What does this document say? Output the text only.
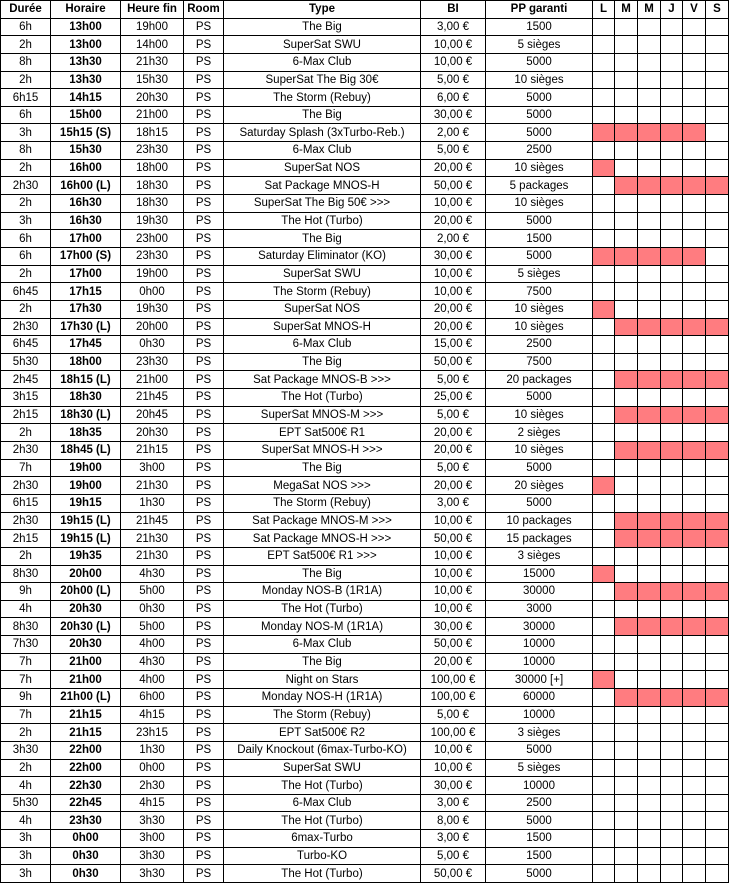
Durée	Horaire	Heure fin	Room	Type	BI	PP garanti	L	M	M	J	V	S
6h	13h00	19h00	PS	The Big	3,00 €	1500						
2h	13h00	14h00	PS	SuperSat SWU	10,00 €	5 sièges						
8h	13h30	21h30	PS	6-Max Club	10,00 €	5000						
2h	13h30	15h30	PS	SuperSat The Big 30€	5,00 €	10 sièges						
6h15	14h15	20h30	PS	The Storm (Rebuy)	6,00 €	5000						
6h	15h00	21h00	PS	The Big	30,00 €	5000						
3h	15h15 (S)	18h15	PS	Saturday Splash (3xTurbo-Reb.)	2,00 €	5000						
8h	15h30	23h30	PS	6-Max Club	5,00 €	2500						
2h	16h00	18h00	PS	SuperSat NOS	20,00 €	10 sièges						
2h30	16h00 (L)	18h30	PS	Sat Package MNOS-H	50,00 €	5 packages						
2h	16h30	18h30	PS	SuperSat The Big 50€ >>>	10,00 €	10 sièges						
3h	16h30	19h30	PS	The Hot (Turbo)	20,00 €	5000						
6h	17h00	23h00	PS	The Big	2,00 €	1500						
6h	17h00 (S)	23h30	PS	Saturday Eliminator (KO)	30,00 €	5000						
2h	17h00	19h00	PS	SuperSat SWU	10,00 €	5 sièges						
6h45	17h15	0h00	PS	The Storm (Rebuy)	10,00 €	7500						
2h	17h30	19h30	PS	SuperSat NOS	20,00 €	10 sièges						
2h30	17h30 (L)	20h00	PS	SuperSat MNOS-H	20,00 €	10 sièges						
6h45	17h45	0h30	PS	6-Max Club	15,00 €	2500						
5h30	18h00	23h30	PS	The Big	50,00 €	7500						
2h45	18h15 (L)	21h00	PS	Sat Package MNOS-B >>>	5,00 €	20 packages						
3h15	18h30	21h45	PS	The Hot (Turbo)	25,00 €	5000						
2h15	18h30 (L)	20h45	PS	SuperSat MNOS-M >>>	5,00 €	10 sièges						
2h	18h35	20h30	PS	EPT Sat500€ R1	20,00 €	2 sièges						
2h30	18h45 (L)	21h15	PS	SuperSat MNOS-H >>>	20,00 €	10 sièges						
7h	19h00	3h00	PS	The Big	5,00 €	5000						
2h30	19h00	21h30	PS	MegaSat NOS >>>	20,00 €	20 sièges						
6h15	19h15	1h30	PS	The Storm (Rebuy)	3,00 €	5000						
2h30	19h15 (L)	21h45	PS	Sat Package MNOS-M >>>	10,00 €	10 packages						
2h15	19h15 (L)	21h30	PS	Sat Package MNOS-H >>>	50,00 €	15 packages						
2h	19h35	21h30	PS	EPT Sat500€ R1 >>>	10,00 €	3 sièges						
8h30	20h00	4h30	PS	The Big	10,00 €	15000						
9h	20h00 (L)	5h00	PS	Monday NOS-B (1R1A)	10,00 €	30000						
4h	20h30	0h30	PS	The Hot (Turbo)	10,00 €	3000						
8h30	20h30 (L)	5h00	PS	Monday NOS-M (1R1A)	30,00 €	30000						
7h30	20h30	4h00	PS	6-Max Club	50,00 €	10000						
7h	21h00	4h30	PS	The Big	20,00 €	10000						
7h	21h00	4h00	PS	Night on Stars	100,00 €	30000 [+]						
9h	21h00 (L)	6h00	PS	Monday NOS-H (1R1A)	100,00 €	60000						
7h	21h15	4h15	PS	The Storm (Rebuy)	5,00 €	10000						
2h	21h15	23h15	PS	EPT Sat500€ R2	100,00 €	3 sièges						
3h30	22h00	1h30	PS	Daily Knockout (6max-Turbo-KO)	10,00 €	5000						
2h	22h00	0h00	PS	SuperSat SWU	10,00 €	5 sièges						
4h	22h30	2h30	PS	The Hot (Turbo)	30,00 €	10000						
5h30	22h45	4h15	PS	6-Max Club	3,00 €	2500						
4h	23h30	3h30	PS	The Hot (Turbo)	8,00 €	5000						
3h	0h00	3h00	PS	6max-Turbo	3,00 €	1500						
3h	0h30	3h30	PS	Turbo-KO	5,00 €	1500						
3h	0h30	3h30	PS	The Hot (Turbo)	50,00 €	5000						
